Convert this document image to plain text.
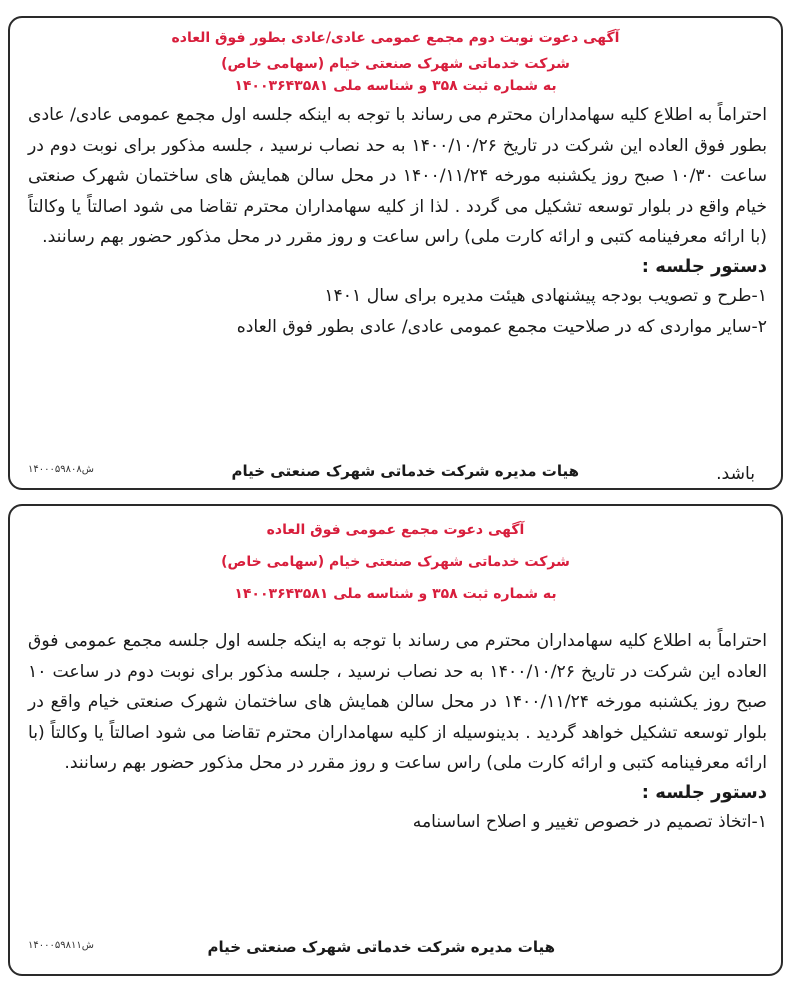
آگهی دعوت نوبت دوم مجمع عمومی عادی/عادی بطور فوق العاده
شرکت خدماتی شهرک صنعتی خیام (سهامی خاص)
به شماره ثبت ۳۵۸ و شناسه ملی ۱۴۰۰۳۶۴۳۵۸۱
احتراماً به اطلاع کلیه سهامداران محترم می رساند با توجه به اینکه جلسه اول مجمع عمومی عادی/ عادی بطور فوق العاده این شرکت در تاریخ ۱۴۰۰/۱۰/۲۶ به حد نصاب نرسید ، جلسه مذکور برای نوبت دوم در ساعت ۱۰/۳۰ صبح روز یکشنبه مورخه ۱۴۰۰/۱۱/۲۴ در محل سالن همایش های ساختمان شهرک صنعتی خیام واقع در بلوار توسعه تشکیل می گردد . لذا از کلیه سهامداران محترم تقاضا می شود اصالتاً یا وکالتاً (با ارائه معرفینامه کتبی و ارائه کارت ملی) راس ساعت و روز مقرر در محل مذکور حضور بهم رسانند.
دستور جلسه :
۱-طرح و تصویب بودجه پیشنهادی هیئت مدیره برای سال ۱۴۰۱
۲-سایر مواردی که در صلاحیت مجمع عمومی عادی/ عادی بطور فوق العاده
باشد.
هیات مدیره شرکت خدماتی شهرک صنعتی خیام
ش۱۴۰۰۰۵۹۸۰۸
آگهی دعوت مجمع عمومی فوق العاده
شرکت خدماتی شهرک صنعتی خیام (سهامی خاص)
به شماره ثبت ۳۵۸ و شناسه ملی ۱۴۰۰۳۶۴۳۵۸۱
احتراماً به اطلاع کلیه سهامداران محترم می رساند با توجه به اینکه جلسه اول جلسه مجمع عمومی فوق العاده این شرکت در تاریخ ۱۴۰۰/۱۰/۲۶ به حد نصاب نرسید ، جلسه مذکور برای نوبت دوم در ساعت ۱۰ صبح روز یکشنبه مورخه ۱۴۰۰/۱۱/۲۴ در محل سالن همایش های ساختمان شهرک صنعتی خیام واقع در بلوار توسعه تشکیل خواهد گردید . بدینوسیله از کلیه سهامداران محترم تقاضا می شود اصالتاً یا وکالتاً (با ارائه معرفینامه کتبی و ارائه کارت ملی) راس ساعت و روز مقرر در محل مذکور حضور بهم رسانند.
دستور جلسه :
۱-اتخاذ تصمیم در خصوص تغییر و اصلاح اساسنامه
هیات مدیره شرکت خدماتی شهرک صنعتی خیام
ش۱۴۰۰۰۵۹۸۱۱
